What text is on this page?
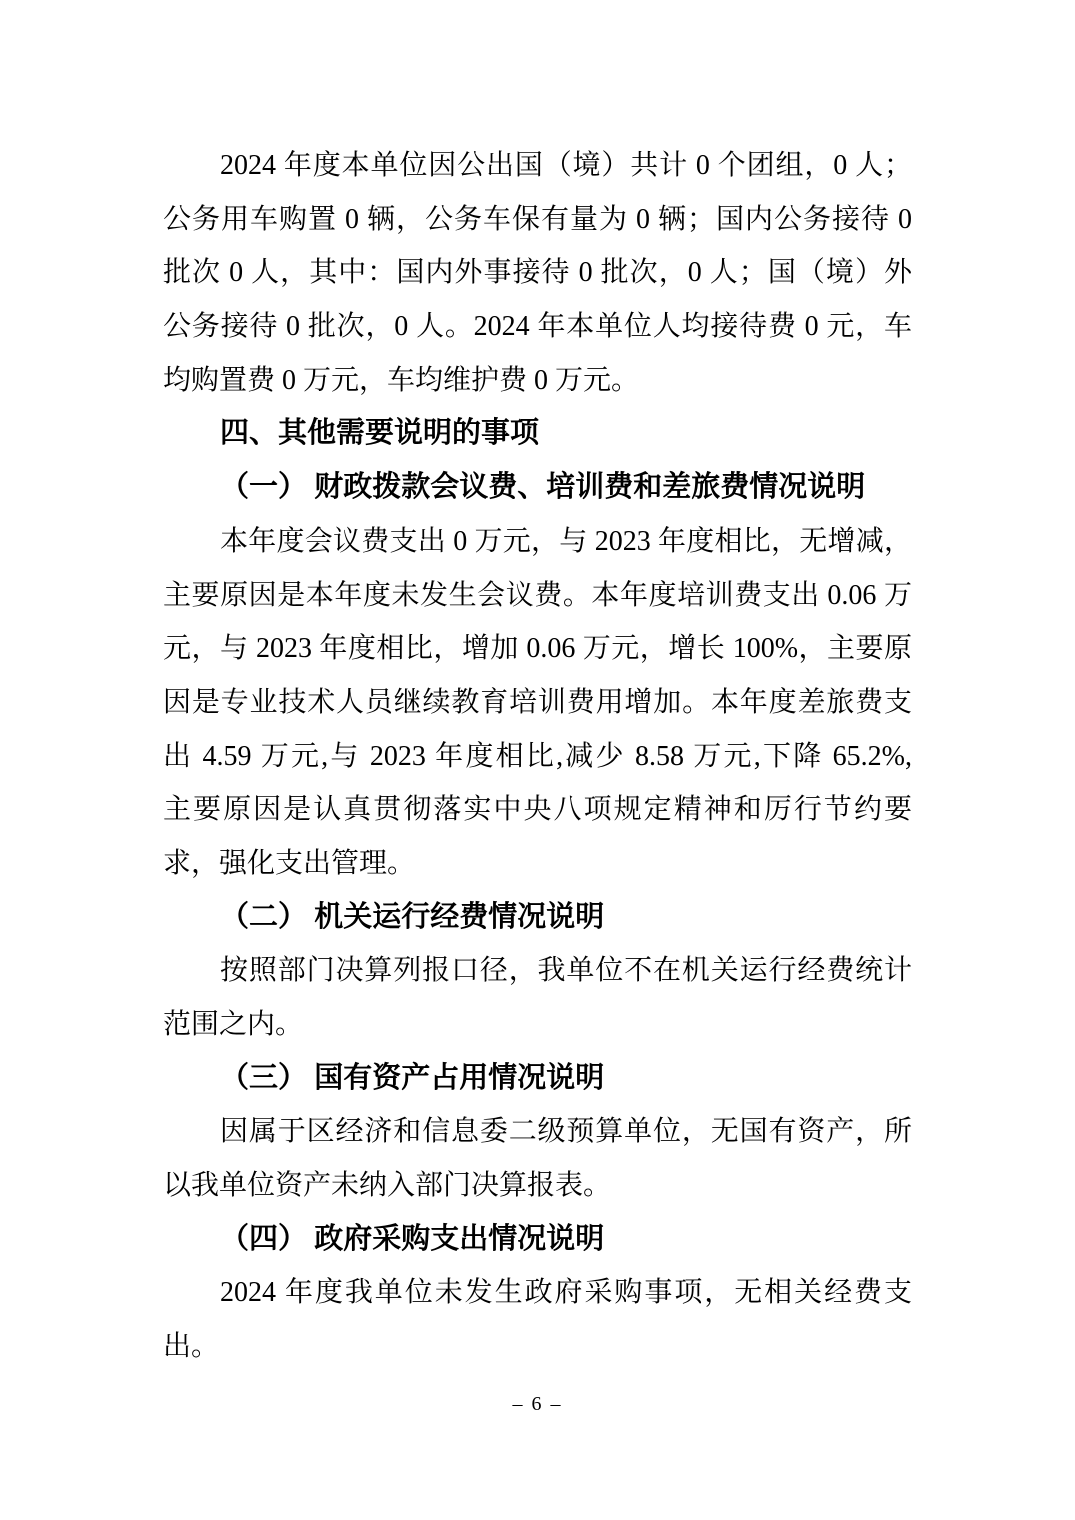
2024 年度本单位因公出国（境）共计 0 个团组，0 人；
公务用车购置 0 辆，公务车保有量为 0 辆；国内公务接待 0
批次 0 人，其中：国内外事接待 0 批次，0 人；国（境）外
公务接待 0 批次，0 人。2024 年本单位人均接待费 0 元，车
均购置费 0 万元，车均维护费 0 万元。
四、其他需要说明的事项
（一） 财政拨款会议费、培训费和差旅费情况说明
本年度会议费支出 0 万元，与 2023 年度相比，无增减，
主要原因是本年度未发生会议费。本年度培训费支出 0.06 万
元，与 2023 年度相比，增加 0.06 万元，增长 100%，主要原
因是专业技术人员继续教育培训费用增加。本年度差旅费支
出 4.59 万元,与 2023 年度相比,减少 8.58 万元,下降 65.2%,
主要原因是认真贯彻落实中央八项规定精神和厉行节约要
求，强化支出管理。
（二） 机关运行经费情况说明
按照部门决算列报口径，我单位不在机关运行经费统计
范围之内。
（三） 国有资产占用情况说明
因属于区经济和信息委二级预算单位，无国有资产，所
以我单位资产未纳入部门决算报表。
（四） 政府采购支出情况说明
2024 年度我单位未发生政府采购事项，无相关经费支
出。
– 6 –
